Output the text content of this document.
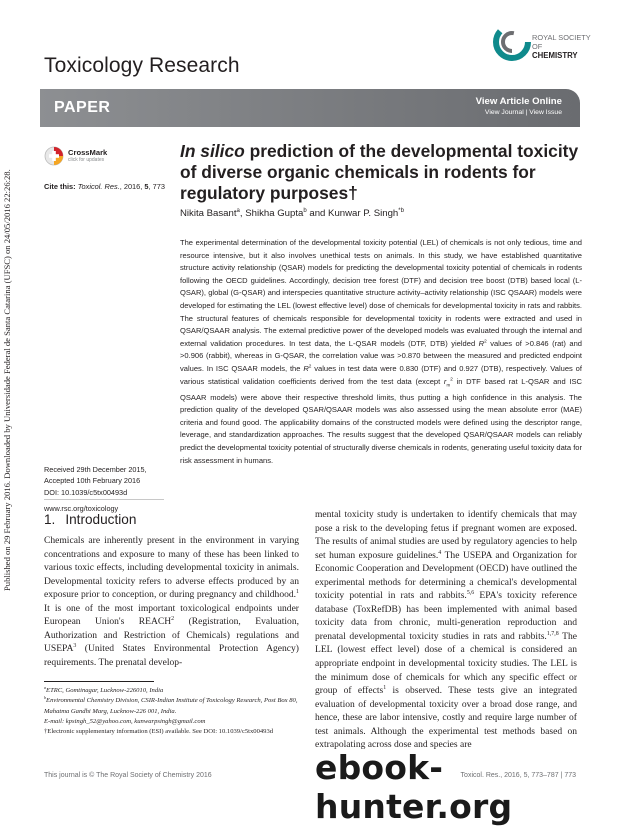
Published on 29 February 2016. Downloaded by Universidade Federal de Santa Catarina (UFSC) on 24/05/2016 22:26:28.
Toxicology Research
ROYAL SOCIETY
OF
CHEMISTRY
PAPER	View Article Online
View Journal | View Issue
CrossMark
click for updates
Cite this: Toxicol. Res., 2016, 5, 773
In silico prediction of the developmental toxicity of diverse organic chemicals in rodents for regulatory purposes†
Nikita Basant$^a$, Shikha Gupta$^b$ and Kunwar P. Singh$^{*b}$
The experimental determination of the developmental toxicity potential (LEL) of chemicals is not only tedious, time and resource intensive, but it also involves unethical tests on animals. In this study, we have established quantitative structure activity relationship (QSAR) models for predicting the developmental toxicity potential of chemicals in rodents following the OECD guidelines. Accordingly, decision tree forest (DTF) and decision tree boost (DTB) based local (L-QSAR), global (G-QSAR) and interspecies quantitative structure activity–activity relationship (ISC QSAAR) models were developed for estimating the LEL (lowest effective level) dose of chemicals for developmental toxicity in rats and rabbits. The structural features of chemicals responsible for developmental toxicity in rodents were extracted and used in QSAR/QSAAR analysis. The external predictive power of the developed models was evaluated through the internal and external validation procedures. In test data, the L-QSAR models (DTF, DTB) yielded $R^2$ values of >0.846 (rat) and >0.906 (rabbit), whereas in G-QSAR, the correlation value was >0.870 between the measured and predicted endpoint values. In ISC QSAAR models, the $R^2$ values in test data were 0.830 (DTF) and 0.927 (DTB), respectively. Values of various statistical validation coefficients derived from the test data (except $r_m^2$ in DTF based rat L-QSAR and ISC QSAAR models) were above their respective threshold limits, thus putting a high confidence in this analysis. The prediction quality of the developed QSAR/QSAAR models was also assessed using the mean absolute error (MAE) criteria and found good. The applicability domains of the constructed models were defined using the descriptor range, leverage, and standardization approaches. The results suggest that the developed QSAR/QSAAR models can reliably predict the developmental toxicity potential of structurally diverse chemicals in rodents, generating useful toxicity data for risk assessment in humans.
Received 29th December 2015,
Accepted 10th February 2016
DOI: 10.1039/c5tx00493d
www.rsc.org/toxicology
1. Introduction
Chemicals are inherently present in the environment in varying concentrations and exposure to many of these has been linked to various toxic effects, including developmental toxicity in animals. Developmental toxicity refers to adverse effects produced by an exposure prior to conception, or during pregnancy and childhood.$^1$ It is one of the most important toxicological endpoints under European Union's REACH$^2$ (Registration, Evaluation, Authorization and Restriction of Chemicals) regulations and USEPA$^3$ (United States Environmental Protection Agency) requirements. The prenatal develop-
mental toxicity study is undertaken to identify chemicals that may pose a risk to the developing fetus if pregnant women are exposed. The results of animal studies are used by regulatory agencies to help set human exposure guidelines.$^4$ The USEPA and Organization for Economic Cooperation and Development (OECD) have outlined the experimental methods for determining a chemical's developmental toxicity potential in rats and rabbits.$^{5,6}$ EPA's toxicity reference database (ToxRefDB) has been implemented with animal based toxicity data from chronic, multi-generation reproduction and prenatal developmental toxicity studies in rats and rabbits.$^{1,7,8}$ The LEL (lowest effect level) dose of a chemical is considered an appropriate endpoint in developmental toxicity studies. The LEL is the minimum dose of chemicals for which any specific effect or group of effects$^1$ is observed. These tests give an integrated evaluation of developmental toxicity over a broad dose range, and hence, these are labor intensive, costly and require large number of test animals. Although the experimental test methods based on extrapolating across dose and species are
$^a$ETRC, Gomtinagar, Lucknow-226010, India
$^b$Environmental Chemistry Division, CSIR-Indian Institute of Toxicology Research, Post Box 80, Mahatma Gandhi Marg, Lucknow-226 001, India.
E-mail: kpsingh_52@yahoo.com, kunwarpsingh@gmail.com
†Electronic supplementary information (ESI) available. See DOI: 10.1039/c5tx00493d
This journal is © The Royal Society of Chemistry 2016	Toxicol. Res., 2016, 5, 773–787 | 773
ebook-hunter.org
